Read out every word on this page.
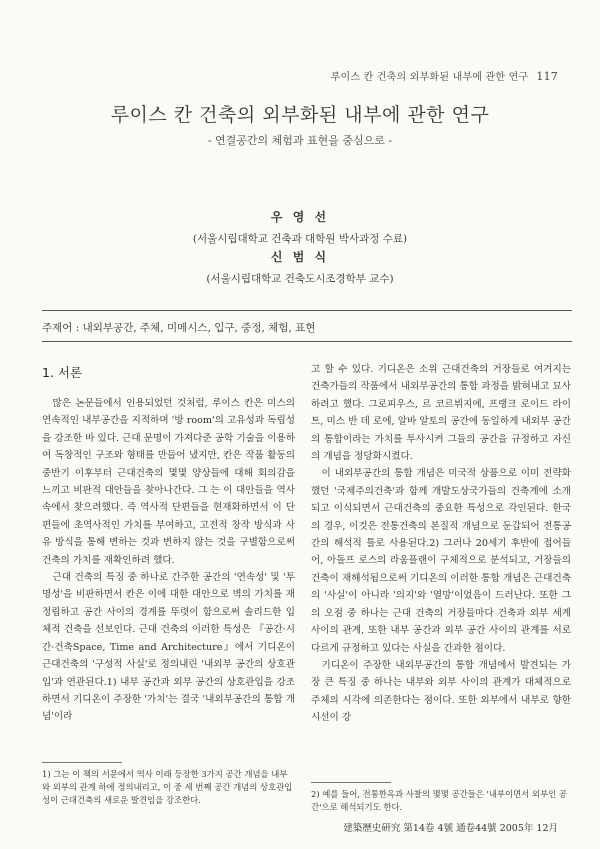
루이스 칸 건축의 외부화된 내부에 관한 연구 117
루이스 칸 건축의 외부화된 내부에 관한 연구
- 연결공간의 체험과 표현을 중심으로 -
우 영 선
(서울시립대학교 건축과 대학원 박사과정 수료)
신 범 식
(서울시립대학교 건축도시조경학부 교수)
주제어 : 내외부공간, 주체, 미메시스, 입구, 중정, 체험, 표현
1. 서론

많은 논문들에서 인용되었던 것처럼, 루이스 칸은 미스의 연속적인 내부공간을 지적하며 '방 room'의 고유성과 독립성을 강조한 바 있다. 근대 문명이 가져다준 공학 기술을 이용하여 독창적인 구조와 형태를 만들어 냈지만, 칸은 작품 활동의 중반기 이후부터 근대건축의 몇몇 양상들에 대해 회의감을 느끼고 비판적 대안들을 찾아나간다. 그 는 이 대안들을 역사 속에서 찾으려했다. 즉 역사적 단편들을 현재화하면서 이 단편들에 초역사적인 가치를 부여하고, 고전적 창작 방식과 사유 방식을 통해 변하는 것과 변하지 않는 것을 구별함으로써 건축의 가치를 재확인하려 했다.

근대 건축의 특징 중 하나로 간주한 공간의 '연속성' 및 '투명성'을 비판하면서 칸은 이에 대한 대안으로 벽의 가치를 재정립하고 공간 사이의 경계를 뚜렷이 함으로써 솔리드한 입체적 건축을 선보인다. 근대 건축의 이러한 특성은 『공간·시간·건축Space, Time and Architecture』에서 기디온이 근대건축의 '구성적 사실'로 정의내린 '내외부 공간의 상호관입'과 연관된다.1) 내부 공간과 외부 공간의 상호관입을 강조하면서 기디온이 주장한 '가치'는 결국 '내외부공간의 통합 개념'이라

고 할 수 있다. 기디온은 소위 근대건축의 거장들로 여겨지는 건축가들의 작품에서 내외부공간의 통합 과정을 밝혀내고 묘사하려고 했다. 그로피우스, 르 코르뷔지에, 프랭크 로이드 라이트, 미스 반 데 로에, 알바 알토의 공간에 동일하게 내외부 공간의 통합이라는 가치를 투사시켜 그들의 공간을 규정하고 자신의 개념을 정당화시켰다.

이 내외부공간의 통합 개념은 미국적 상품으로 이미 전략화했던 '국제주의건축'과 함께 개발도상국가들의 건축계에 소개되고 이식되면서 근대건축의 중요한 특성으로 각인된다. 한국의 경우, 이것은 전통건축의 본질적 개념으로 둔갑되어 전통공간의 해석적 틀로 사용된다.2) 그러나 20세기 후반에 접어들어, 아돌프 로스의 라움플랜이 구체적으로 분석되고, 거장들의 건축이 재해석됨으로써 기디온의 이러한 통합 개념은 근대건축의 '사실'이 아니라 '의지'와 '열망'이었음이 드러난다. 또한 그의 오점 중 하나는 근대 건축의 거장들마다 건축과 외부 세계 사이의 관계, 또한 내부 공간과 외부 공간 사이의 관계를 서로 다르게 규정하고 있다는 사실을 간과한 점이다.

기디온이 주장한 내외부공간의 통합 개념에서 발견되는 가장 큰 특징 중 하나는 내부와 외부 사이의 관계가 대체적으로 주체의 시각에 의존한다는 점이다. 또한 외부에서 내부로 향한 시선이 강

1) 그는 이 책의 서문에서 역사 이래 등장한 3가지 공간 개념을 내부와 외부의 관계 하에 정의내리고, 이 중 세 번째 공간 개념의 상호관입성이 근대건축의 새로운 발견임을 강조한다.
2) 예를 들어, 전통한옥과 사찰의 몇몇 공간들은 '내부이면서 외부인 공간'으로 해석되기도 한다.
建築歷史硏究 第14卷 4號 通卷44號 2005年 12月
